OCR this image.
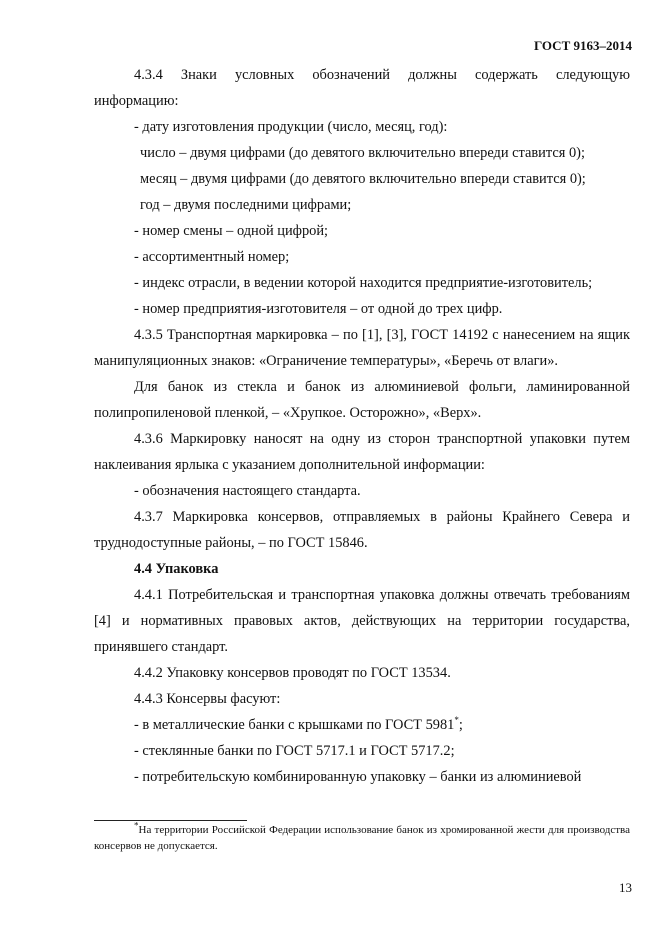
ГОСТ 9163–2014
4.3.4 Знаки условных обозначений должны содержать следующую информацию:
- дату изготовления продукции (число, месяц, год):
число – двумя цифрами (до девятого включительно впереди ставится 0);
месяц – двумя цифрами (до девятого включительно впереди ставится 0);
год – двумя последними цифрами;
- номер смены – одной цифрой;
- ассортиментный номер;
- индекс отрасли, в ведении которой находится предприятие-изготовитель;
- номер предприятия-изготовителя – от одной до трех цифр.
4.3.5 Транспортная маркировка – по [1], [3], ГОСТ 14192 с нанесением на ящик манипуляционных знаков: «Ограничение температуры», «Беречь от влаги».
Для банок из стекла и банок из алюминиевой фольги, ламинированной полипропиленовой пленкой, – «Хрупкое. Осторожно», «Верх».
4.3.6 Маркировку наносят на одну из сторон транспортной упаковки путем наклеивания ярлыка с указанием дополнительной информации:
- обозначения настоящего стандарта.
4.3.7 Маркировка консервов, отправляемых в районы Крайнего Севера и труднодоступные районы, – по ГОСТ 15846.
4.4 Упаковка
4.4.1 Потребительская и транспортная упаковка должны отвечать требованиям [4] и нормативных правовых актов, действующих на территории государства, принявшего стандарт.
4.4.2 Упаковку консервов проводят по ГОСТ 13534.
4.4.3 Консервы фасуют:
- в металлические банки с крышками по ГОСТ 5981*;
- стеклянные банки по ГОСТ 5717.1 и ГОСТ 5717.2;
- потребительскую комбинированную упаковку – банки из алюминиевой
*На территории Российской Федерации использование банок из хромированной жести для производства консервов не допускается.
13
